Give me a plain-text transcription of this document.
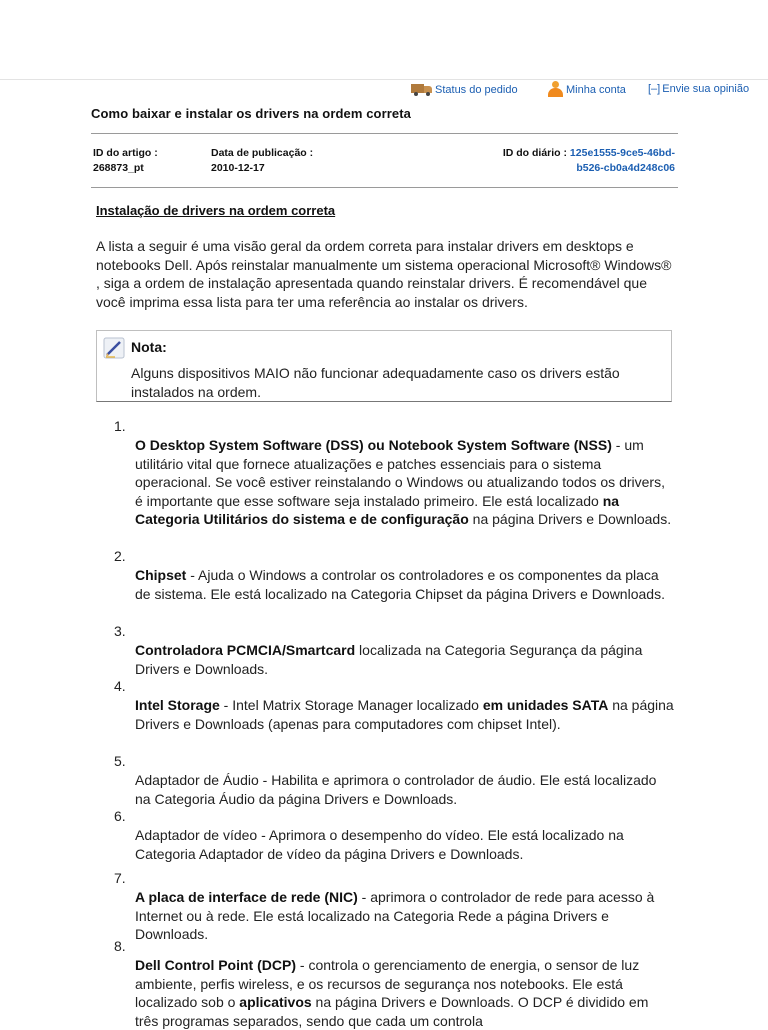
Status do pedido	Minha conta [–] Envie sua opinião
Como baixar e instalar os drivers na ordem correta
ID do artigo :
268873_pt
Data de publicação :
2010-12-17
ID do diário : 125e1555-9ce5-46bd-
b526-cb0a4d248c06
Instalação de drivers na ordem correta
A lista a seguir é uma visão geral da ordem correta para instalar drivers em desktops e notebooks Dell. Após reinstalar manualmente um sistema operacional Microsoft® Windows® , siga a ordem de instalação apresentada quando reinstalar drivers. É recomendável que você imprima essa lista para ter uma referência ao instalar os drivers.
Nota:
Alguns dispositivos MAIO não funcionar adequadamente caso os drivers estão instalados na ordem.
1.
O Desktop System Software (DSS) ou Notebook System Software (NSS) - um utilitário vital que fornece atualizações e patches essenciais para o sistema operacional. Se você estiver reinstalando o Windows ou atualizando todos os drivers, é importante que esse software seja instalado primeiro. Ele está localizado na Categoria Utilitários do sistema e de configuração na página Drivers e Downloads.
2.
Chipset - Ajuda o Windows a controlar os controladores e os componentes da placa de sistema. Ele está localizado na Categoria Chipset da página Drivers e Downloads.
3.
Controladora PCMCIA/Smartcard localizada na Categoria Segurança da página Drivers e Downloads.
4.
Intel Storage - Intel Matrix Storage Manager localizado em unidades SATA na página Drivers e Downloads (apenas para computadores com chipset Intel).
5.
Adaptador de Áudio - Habilita e aprimora o controlador de áudio. Ele está localizado na Categoria Áudio da página Drivers e Downloads.
6.
Adaptador de vídeo - Aprimora o desempenho do vídeo. Ele está localizado na Categoria Adaptador de vídeo da página Drivers e Downloads.
7.
A placa de interface de rede (NIC) - aprimora o controlador de rede para acesso à Internet ou à rede. Ele está localizado na Categoria Rede a página Drivers e Downloads.
8.
Dell Control Point (DCP) - controla o gerenciamento de energia, o sensor de luz ambiente, perfis wireless, e os recursos de segurança nos notebooks. Ele está localizado sob o aplicativos na página Drivers e Downloads. O DCP é dividido em três programas separados, sendo que cada um controla
